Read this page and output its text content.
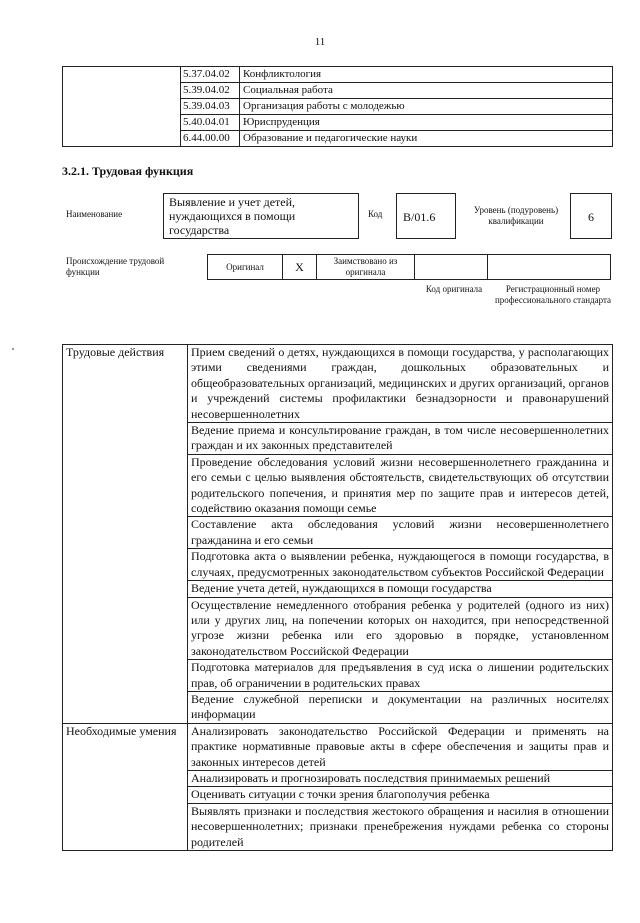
11
	5.37.04.02	Конфликтология
	5.39.04.02	Социальная работа
	5.39.04.03	Организация работы с молодежью
	5.40.04.01	Юриспруденция
	6.44.00.00	Образование и педагогические науки
3.2.1. Трудовая функция
Наименование
Выявление и учет детей, нуждающихся в помощи государства
Код	В/01.6	Уровень (подуровень) квалификации	6
Происхождение трудовой функции	Оригинал	X	Заимствовано из оригинала		
Код оригинала	Регистрационный номер профессионального стандарта
Трудовые действия	Прием сведений о детях, нуждающихся в помощи государства, у располагающих этими сведениями граждан, дошкольных образовательных и общеобразовательных организаций, медицинских и других организаций, органов и учреждений системы профилактики безнадзорности и правонарушений несовершеннолетних
	Ведение приема и консультирование граждан, в том числе несовершеннолетних граждан и их законных представителей
	Проведение обследования условий жизни несовершеннолетнего гражданина и его семьи с целью выявления обстоятельств, свидетельствующих об отсутствии родительского попечения, и принятия мер по защите прав и интересов детей, содействию оказания помощи семье
	Составление акта обследования условий жизни несовершеннолетнего гражданина и его семьи
	Подготовка акта о выявлении ребенка, нуждающегося в помощи государства, в случаях, предусмотренных законодательством субъектов Российской Федерации
	Ведение учета детей, нуждающихся в помощи государства
	Осуществление немедленного отобрания ребенка у родителей (одного из них) или у других лиц, на попечении которых он находится, при непосредственной угрозе жизни ребенка или его здоровью в порядке, установленном законодательством Российской Федерации
	Подготовка материалов для предъявления в суд иска о лишении родительских прав, об ограничении в родительских правах
	Ведение служебной переписки и документации на различных носителях информации
Необходимые умения	Анализировать законодательство Российской Федерации и применять на практике нормативные правовые акты в сфере обеспечения и защиты прав и законных интересов детей
	Анализировать и прогнозировать последствия принимаемых решений
	Оценивать ситуации с точки зрения благополучия ребенка
	Выявлять признаки и последствия жестокого обращения и насилия в отношении несовершеннолетних; признаки пренебрежения нуждами ребенка со стороны родителей
